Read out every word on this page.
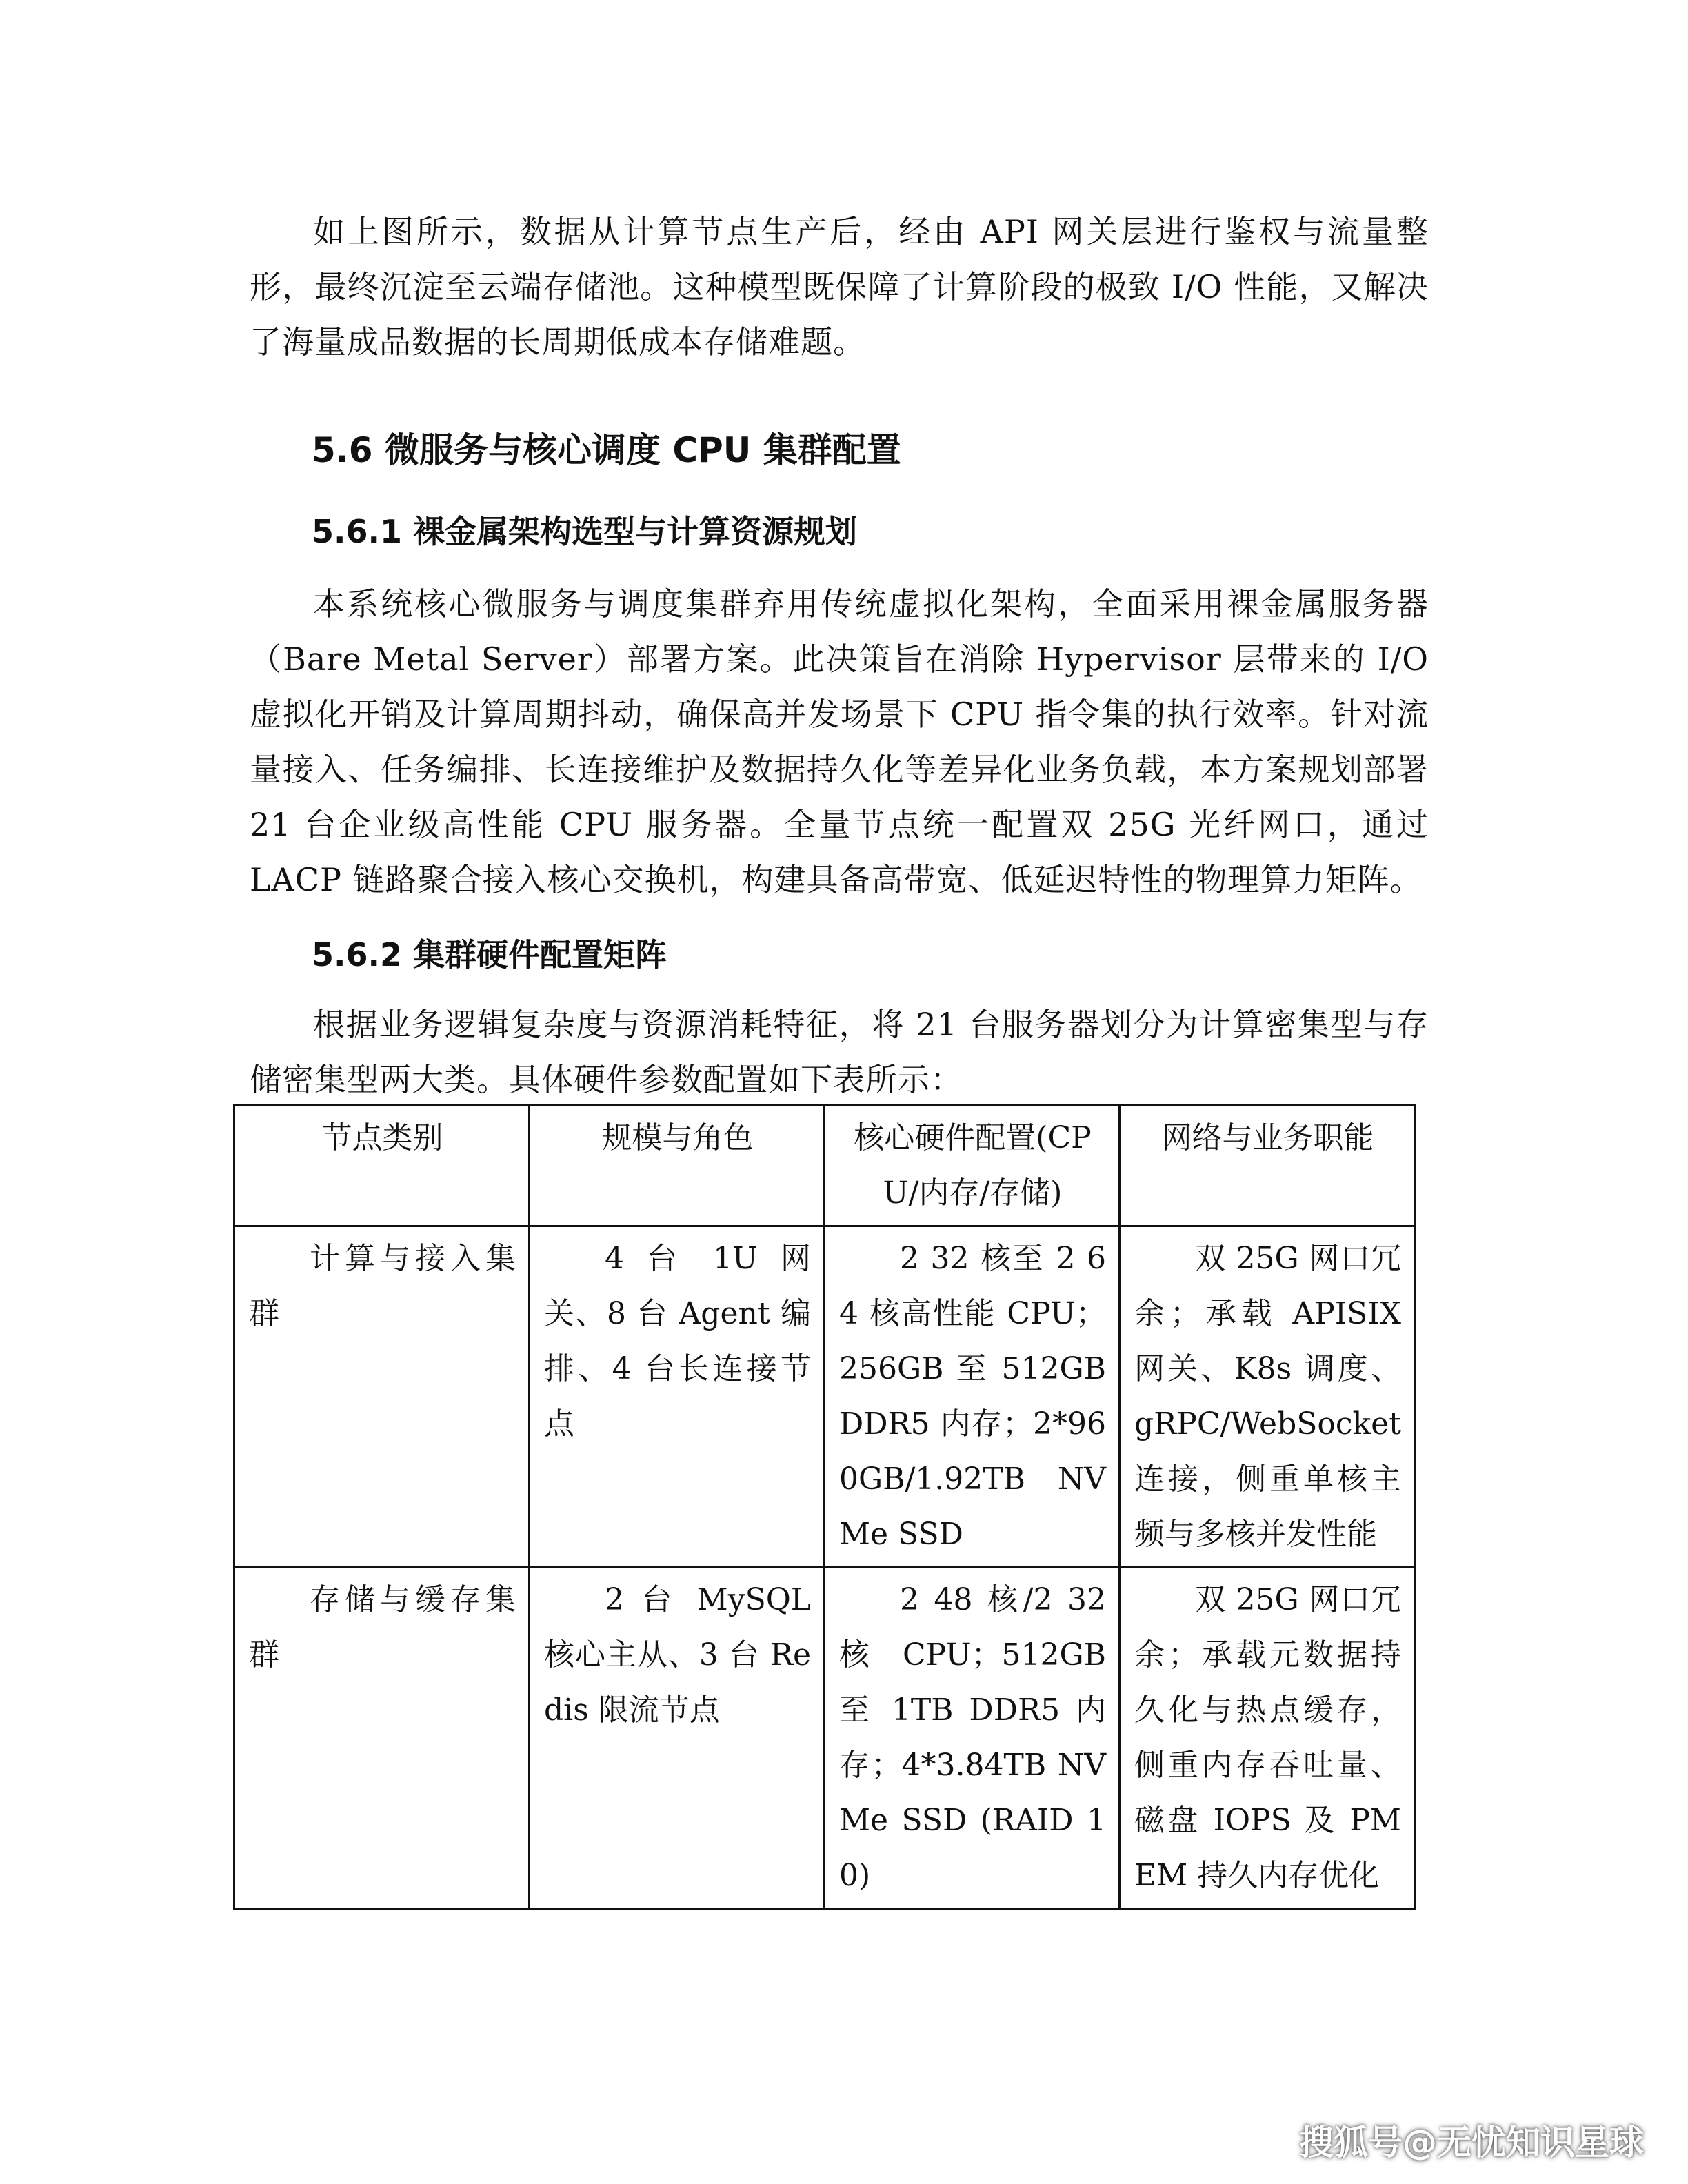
如上图所示，数据从计算节点生产后，经由 API 网关层进行鉴权与流量整形，最终沉淀至云端存储池。这种模型既保障了计算阶段的极致 I/O 性能，又解决了海量成品数据的长周期低成本存储难题。

5.6 微服务与核心调度 CPU 集群配置
5.6.1 裸金属架构选型与计算资源规划

本系统核心微服务与调度集群弃用传统虚拟化架构，全面采用裸金属服务器（Bare Metal Server）部署方案。此决策旨在消除 Hypervisor 层带来的 I/O 虚拟化开销及计算周期抖动，确保高并发场景下 CPU 指令集的执行效率。针对流量接入、任务编排、长连接维护及数据持久化等差异化业务负载，本方案规划部署 21 台企业级高性能 CPU 服务器。全量节点统一配置双 25G 光纤网口，通过 LACP 链路聚合接入核心交换机，构建具备高带宽、低延迟特性的物理算力矩阵。

5.6.2 集群硬件配置矩阵

根据业务逻辑复杂度与资源消耗特征，将 21 台服务器划分为计算密集型与存储密集型两大类。具体硬件参数配置如下表所示：

节点类别	规模与角色	核心硬件配置(CPU/内存/存储)	网络与业务职能
计算与接入集群	4 台 1U 网关、8 台 Agent 编排、4 台长连接节点	2 32 核至 2 64 核高性能 CPU；256GB 至 512GB DDR5 内存；2*960GB/1.92TB NVMe SSD	双 25G 网口冗余；承载 APISIX 网关、K8s 调度、gRPC/WebSocket 连接，侧重单核主频与多核并发性能
存储与缓存集群	2 台 MySQL 核心主从、3 台 Redis 限流节点	2 48 核/2 32 核 CPU；512GB 至 1TB DDR5 内存；4*3.84TB NVMe SSD (RAID 10)	双 25G 网口冗余；承载元数据持久化与热点缓存，侧重内存吞吐量、磁盘 IOPS 及 PMEM 持久内存优化
搜狐号@无忧知识星球
